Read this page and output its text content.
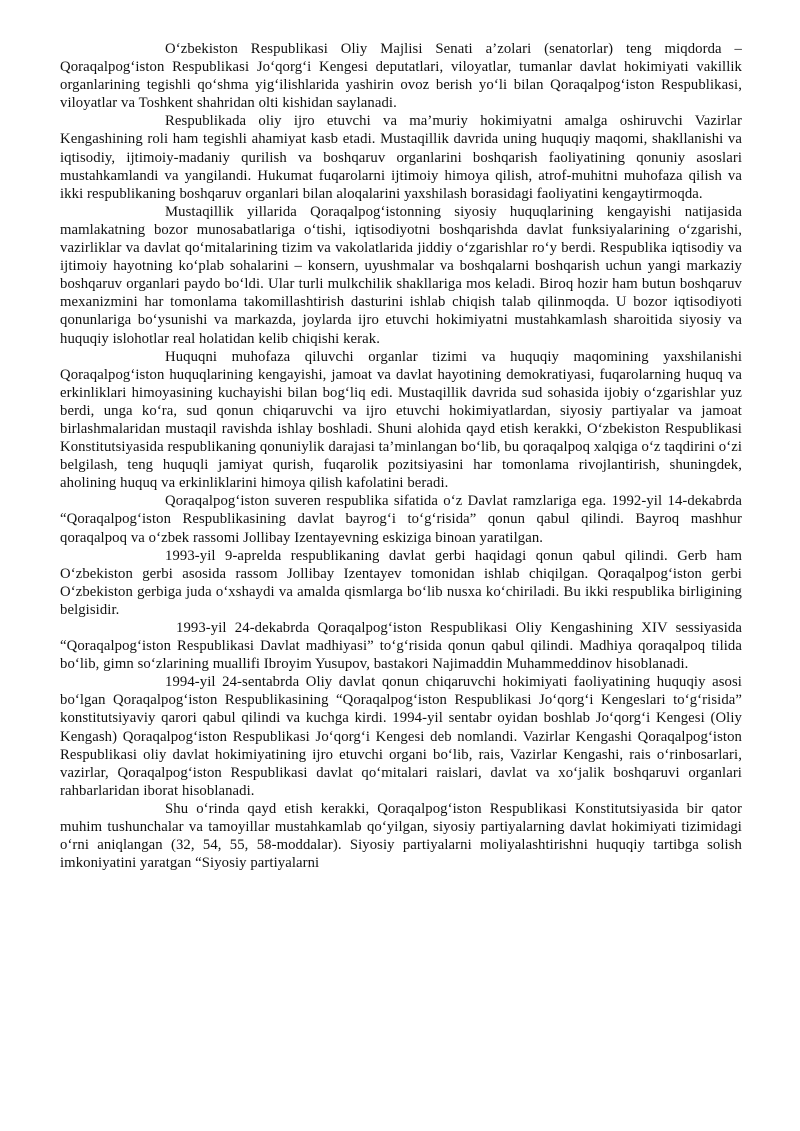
O‘zbekiston Respublikasi Oliy Majlisi Senati a’zolari (senatorlar) teng miqdorda – Qoraqalpog‘iston Respublikasi Jo‘qorg‘i Kengesi deputatlari, viloyatlar, tumanlar davlat hokimiyati vakillik organlarining tegishli qo‘shma yig‘ilishlarida yashirin ovoz berish yo‘li bilan Qoraqalpog‘iston Respublikasi, viloyatlar va Toshkent shahridan olti kishidan saylanadi.

Respublikada oliy ijro etuvchi va ma’muriy hokimiyatni amalga oshiruvchi Vazirlar Kengashining roli ham tegishli ahamiyat kasb etadi. Mustaqillik davrida uning huquqiy maqomi, shakllanishi va iqtisodiy, ijtimoiy-madaniy qurilish va boshqaruv organlarini boshqarish faoliyatining qonuniy asoslari mustahkamlandi va yangilandi. Hukumat fuqarolarni ijtimoiy himoya qilish, atrof-muhitni muhofaza qilish va ikki respublikaning boshqaruv organlari bilan aloqalarini yaxshilash borasidagi faoliyatini kengaytirmoqda.

Mustaqillik yillarida Qoraqalpog‘istonning siyosiy huquqlarining kengayishi natijasida mamlakatning bozor munosabatlariga o‘tishi, iqtisodiyotni boshqarishda davlat funksiyalarining o‘zgarishi, vazirliklar va davlat qo‘mitalarining tizim va vakolatlarida jiddiy o‘zgarishlar ro‘y berdi. Respublika iqtisodiy va ijtimoiy hayotning ko‘plab sohalarini – konsern, uyushmalar va boshqalarni boshqarish uchun yangi markaziy boshqaruv organlari paydo bo‘ldi. Ular turli mulkchilik shakllariga mos keladi. Biroq hozir ham butun boshqaruv mexanizmini har tomonlama takomillashtirish dasturini ishlab chiqish talab qilinmoqda. U bozor iqtisodiyoti qonunlariga bo‘ysunishi va markazda, joylarda ijro etuvchi hokimiyatni mustahkamlash sharoitida siyosiy va huquqiy islohotlar real holatidan kelib chiqishi kerak.

Huquqni muhofaza qiluvchi organlar tizimi va huquqiy maqomining yaxshilanishi Qoraqalpog‘iston huquqlarining kengayishi, jamoat va davlat hayotining demokratiyasi, fuqarolarning huquq va erkinliklari himoyasining kuchayishi bilan bog‘liq edi. Mustaqillik davrida sud sohasida ijobiy o‘zgarishlar yuz berdi, unga ko‘ra, sud qonun chiqaruvchi va ijro etuvchi hokimiyatlardan, siyosiy partiyalar va jamoat birlashmalaridan mustaqil ravishda ishlay boshladi. Shuni alohida qayd etish kerakki, O‘zbekiston Respublikasi Konstitutsiyasida respublikaning qonuniylik darajasi ta’minlangan bo‘lib, bu qoraqalpoq xalqiga o‘z taqdirini o‘zi belgilash, teng huquqli jamiyat qurish, fuqarolik pozitsiyasini har tomonlama rivojlantirish, shuningdek, aholining huquq va erkinliklarini himoya qilish kafolatini beradi.

Qoraqalpog‘iston suveren respublika sifatida o‘z Davlat ramzlariga ega. 1992-yil 14-dekabrda “Qoraqalpog‘iston Respublikasining davlat bayrog‘i to‘g‘risida” qonun qabul qilindi. Bayroq mashhur qoraqalpoq va o‘zbek rassomi Jollibay Izentayevning eskiziga binoan yaratilgan.

1993-yil 9-aprelda respublikaning davlat gerbi haqidagi qonun qabul qilindi. Gerb ham O‘zbekiston gerbi asosida rassom Jollibay Izentayev tomonidan ishlab chiqilgan. Qoraqalpog‘iston gerbi O‘zbekiston gerbiga juda o‘xshaydi va amalda qismlarga bo‘lib nusxa ko‘chiriladi. Bu ikki respublika birligining belgisidir.

1993-yil 24-dekabrda Qoraqalpog‘iston Respublikasi Oliy Kengashining XIV sessiyasida “Qoraqalpog‘iston Respublikasi Davlat madhiyasi” to‘g‘risida qonun qabul qilindi. Madhiya qoraqalpoq tilida bo‘lib, gimn so‘zlarining muallifi Ibroyim Yusupov, bastakori Najimaddin Muhammeddinov hisoblanadi.

1994-yil 24-sentabrda Oliy davlat qonun chiqaruvchi hokimiyati faoliyatining huquqiy asosi bo‘lgan Qoraqalpog‘iston Respublikasining “Qoraqalpog‘iston Respublikasi Jo‘qorg‘i Kengeslari to‘g‘risida” konstitutsiyaviy qarori qabul qilindi va kuchga kirdi. 1994-yil sentabr oyidan boshlab Jo‘qorg‘i Kengesi (Oliy Kengash) Qoraqalpog‘iston Respublikasi Jo‘qorg‘i Kengesi deb nomlandi. Vazirlar Kengashi Qoraqalpog‘iston Respublikasi oliy davlat hokimiyatining ijro etuvchi organi bo‘lib, rais, Vazirlar Kengashi, rais o‘rinbosarlari, vazirlar, Qoraqalpog‘iston Respublikasi davlat qo‘mitalari raislari, davlat va xo‘jalik boshqaruvi organlari rahbarlaridan iborat hisoblanadi.

Shu o‘rinda qayd etish kerakki, Qoraqalpog‘iston Respublikasi Konstitutsiyasida bir qator muhim tushunchalar va tamoyillar mustahkamlab qo‘yilgan, siyosiy partiyalarning davlat hokimiyati tizimidagi o‘rni aniqlangan (32, 54, 55, 58-moddalar). Siyosiy partiyalarni moliyalashtirishni huquqiy tartibga solish imkoniyatini yaratgan “Siyosiy partiyalarni
